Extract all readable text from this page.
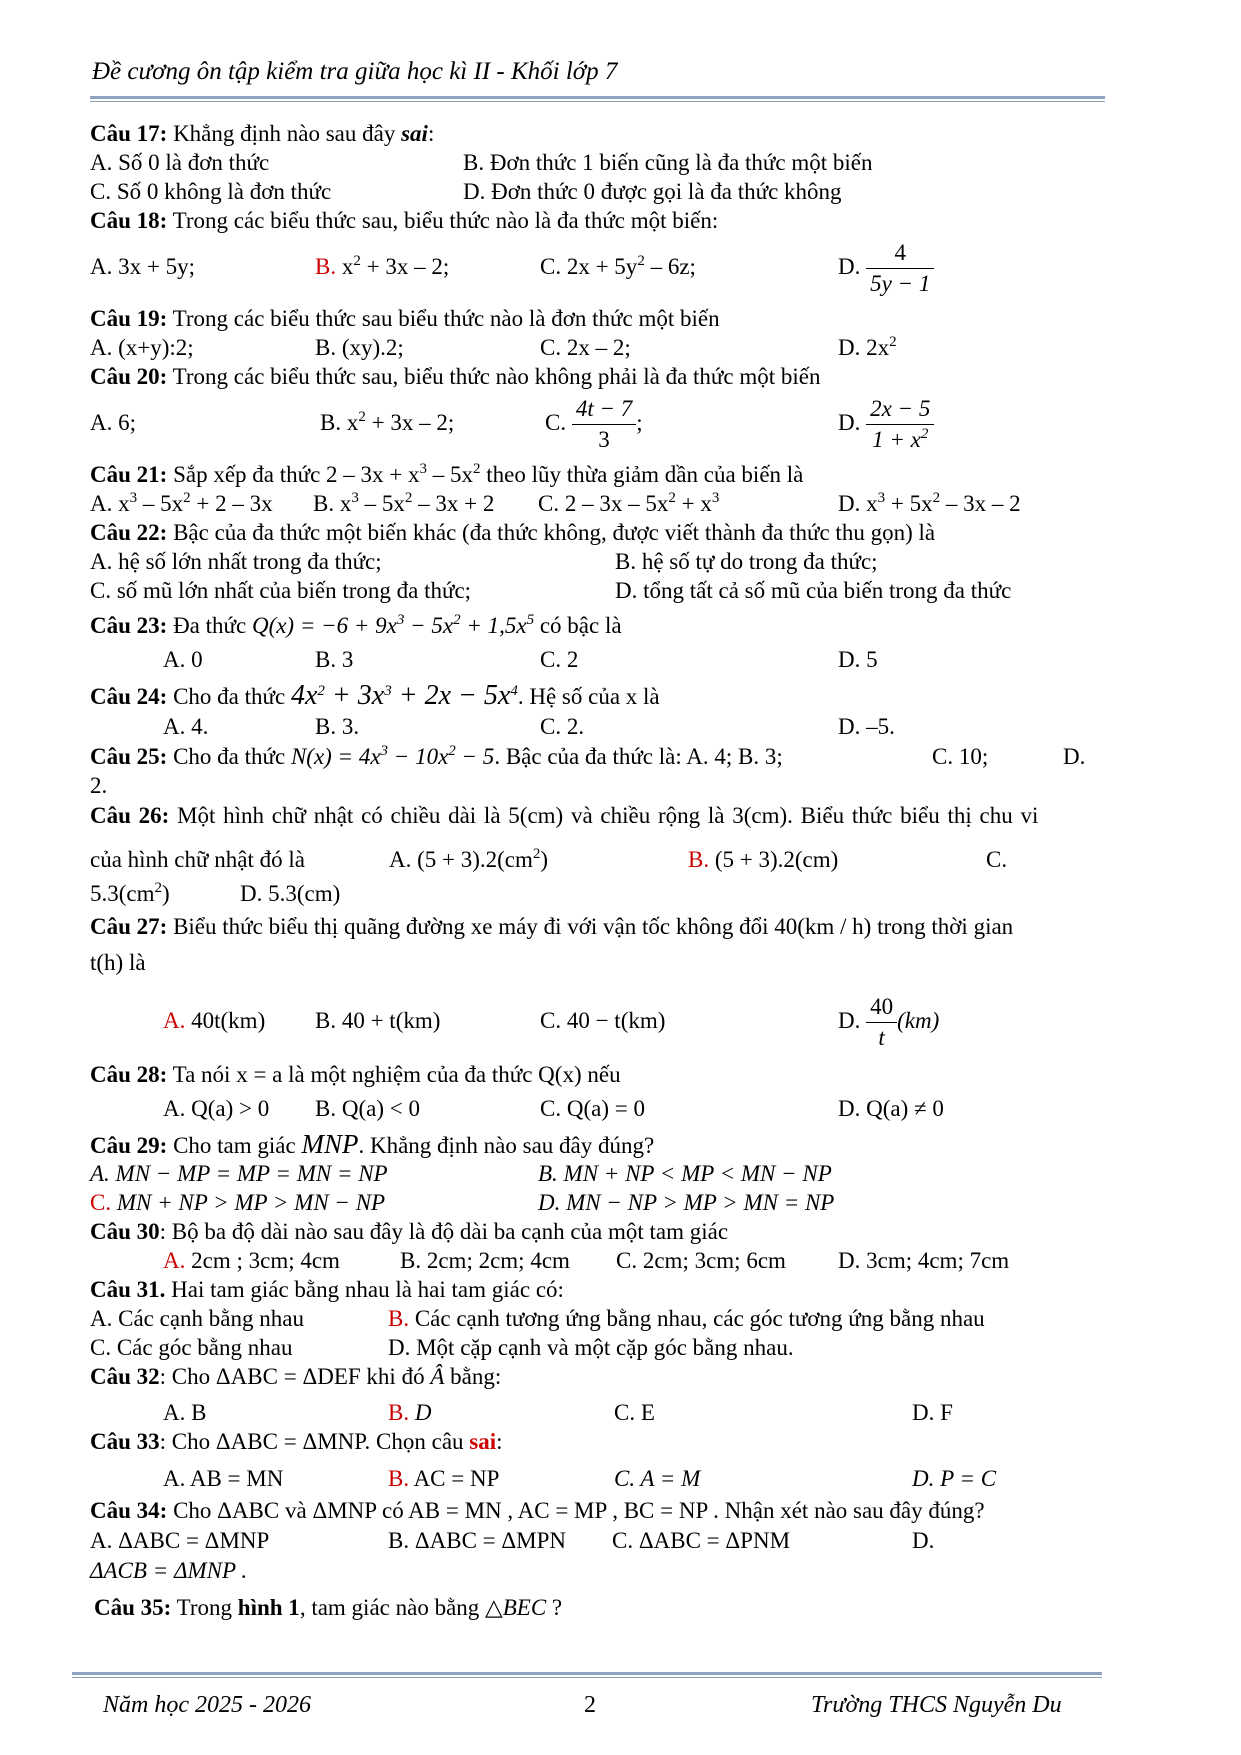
Đề cương ôn tập kiểm tra giữa học kì II - Khối lớp 7
Câu 17: Khẳng định nào sau đây sai:
A. Số 0 là đơn thức	B. Đơn thức 1 biến cũng là đa thức một biến
C. Số 0 không là đơn thức	D. Đơn thức 0 được gọi là đa thức không
Câu 18: Trong các biểu thức sau, biểu thức nào là đa thức một biến:
A. 3x + 5y;	B. $x^2 + 3x - 2$;	C. $2x + 5y^2 - 6z$;	D. $\frac{4}{5y - 1}$
Câu 19: Trong các biểu thức sau biểu thức nào là đơn thức một biến
A. (x+y):2;	B. (xy).2;	C. 2x – 2;	D. $2x^2$
Câu 20: Trong các biểu thức sau, biểu thức nào không phải là đa thức một biến
A. 6;	B. $x^2 + 3x - 2$;	C. $\frac{4t - 7}{3}$ ;	D. $\frac{2x - 5}{1 + x^2}$
Câu 21: Sắp xếp đa thức $2 - 3x + x^3 - 5x^2$ theo lũy thừa giảm dần của biến là
A. $x^3 - 5x^2 + 2 - 3x$ B. $x^3 - 5x^2 - 3x + 2$ C. $2 - 3x - 5x^2 + x^3$	D. $x^3 + 5x^2 - 3x - 2$
Câu 22: Bậc của đa thức một biến khác (đa thức không, được viết thành đa thức thu gọn) là
A. hệ số lớn nhất trong đa thức;	B. hệ số tự do trong đa thức;
C. số mũ lớn nhất của biến trong đa thức;	D. tổng tất cả số mũ của biến trong đa thức
Câu 23: Đa thức $Q(x) = -6 + 9x^3 - 5x^2 + 1,5x^5$ có bậc là
A. 0	B. 3	C. 2	D. 5
Câu 24: Cho đa thức $4x^2 + 3x^3 + 2x - 5x^4$. Hệ số của x là
A. 4.	B. 3.	C. 2.	D. –5.
Câu 25: Cho đa thức $N(x) = 4x^3 - 10x^2 - 5$. Bậc của đa thức là: A. 4; B. 3;	C. 10;	D.
2.
Câu 26: Một hình chữ nhật có chiều dài là 5(cm) và chiều rộng là 3(cm). Biểu thức biểu thị chu vi
của hình chữ nhật đó là	A. $(5 + 3).2(cm^2)$	B. (5 + 3).2(cm)	C.
$5.3(cm^2)$	D. 5.3(cm)
Câu 27: Biểu thức biểu thị quãng đường xe máy đi với vận tốc không đổi 40(km / h) trong thời gian
t(h) là
A. 40t(km) B. 40 + t(km)	C. 40 − t(km)	D. $\frac{40}{t} (km)$
Câu 28: Ta nói x = a là một nghiệm của đa thức Q(x) nếu
A. Q(a) > 0 B. Q(a) < 0	C. Q(a) = 0	D. Q(a) ≠ 0
Câu 29: Cho tam giác MNP. Khẳng định nào sau đây đúng?
A. MN − MP = MP = MN = NP	B. MN + NP < MP < MN − NP
C. MN + NP > MP > MN − NP	D. MN − NP > MP > MN = NP
Câu 30: Bộ ba độ dài nào sau đây là độ dài ba cạnh của một tam giác
A. 2cm ; 3cm; 4cm	B. 2cm; 2cm; 4cm C. 2cm; 3cm; 6cm D. 3cm; 4cm; 7cm
Câu 31. Hai tam giác bằng nhau là hai tam giác có:
A. Các cạnh bằng nhau	B. Các cạnh tương ứng bằng nhau, các góc tương ứng bằng nhau
C. Các góc bằng nhau	D. Một cặp cạnh và một cặp góc bằng nhau.
Câu 32: Cho ΔABC = ΔDEF khi đó Â bằng:
A. B	B. D	C. E	D. F
Câu 33: Cho ΔABC = ΔMNP. Chọn câu sai:
A. AB = MN	B. AC = NP	C. A = M	D. P = C
Câu 34: Cho ΔABC và ΔMNP có AB = MN , AC = MP , BC = NP . Nhận xét nào sau đây đúng?
A. ΔABC = ΔMNP	B. ΔABC = ΔMPN C. ΔABC = ΔPNM	D.
ΔACB = ΔMNP .
Câu 35: Trong hình 1, tam giác nào bằng △BEC ?
Năm học 2025 - 2026	2	Trường THCS Nguyễn Du
